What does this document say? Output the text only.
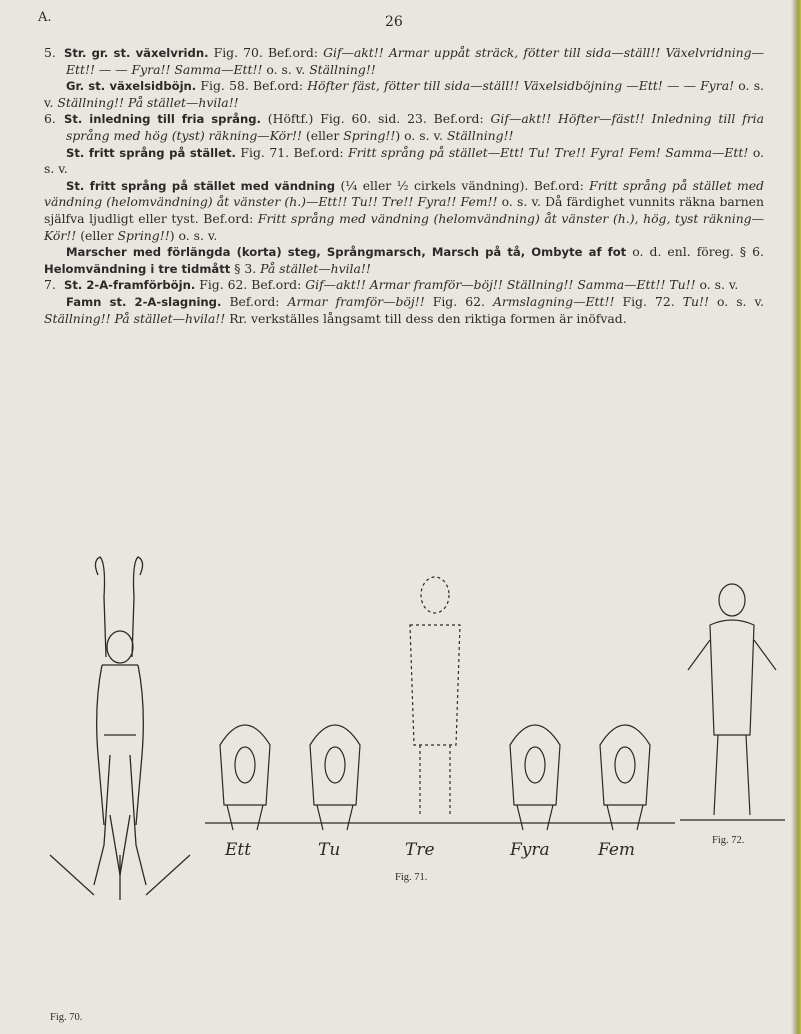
A.	26

5. Str. gr. st. växelvridn. Fig. 70. Bef.ord: Gif—akt!! Armar uppåt sträck, fötter till sida—ställ!! Växelvridning—Ett!! — — Fyra!! Samma—Ett!! o. s. v. Ställning!!

Gr. st. växelsidböjn. Fig. 58. Bef.ord: Höfter fäst, fötter till sida—ställ!! Växelsidböjning —Ett! — — Fyra! o. s. v. Ställning!! På stället—hvila!!

6. St. inledning till fria språng. (Höftf.) Fig. 60. sid. 23. Bef.ord: Gif—akt!! Höfter—fäst!! Inledning till fria språng med hög (tyst) räkning—Kör!! (eller Spring!!) o. s. v. Ställning!!

St. fritt språng på stället. Fig. 71. Bef.ord: Fritt språng på stället—Ett! Tu! Tre!! Fyra! Fem! Samma—Ett! o. s. v.

St. fritt språng på stället med vändning (¼ eller ½ cirkels vändning). Bef.ord: Fritt språng på stället med vändning (helomvändning) åt vänster (h.)—Ett!! Tu!! Tre!! Fyra!! Fem!! o. s. v. Då färdighet vunnits räkna barnen själfva ljudligt eller tyst. Bef.ord: Fritt språng med vändning (helomvändning) åt vänster (h.), hög, tyst räkning—Kör!! (eller Spring!!) o. s. v.

Marscher med förlängda (korta) steg, Språngmarsch, Marsch på tå, Ombyte af fot o. d. enl. föreg. § 6. Helomvändning i tre tidmått § 3. På stället—hvila!!

7. St. 2-A-framförböjn. Fig. 62. Bef.ord: Gif—akt!! Armar framför—böj!! Ställning!! Samma—Ett!! Tu!! o. s. v.

Famn st. 2-A-slagning. Bef.ord: Armar framför—böj!! Fig. 62. Armslagning—Ett!! Fig. 72. Tu!! o. s. v. Ställning!! På stället—hvila!! Rr. verkställes långsamt till dess den riktiga formen är inöfvad.

Fig. 70.
Ett	Tu	Tre	Fyra	Fem
Fig. 71.
Fig. 72.
